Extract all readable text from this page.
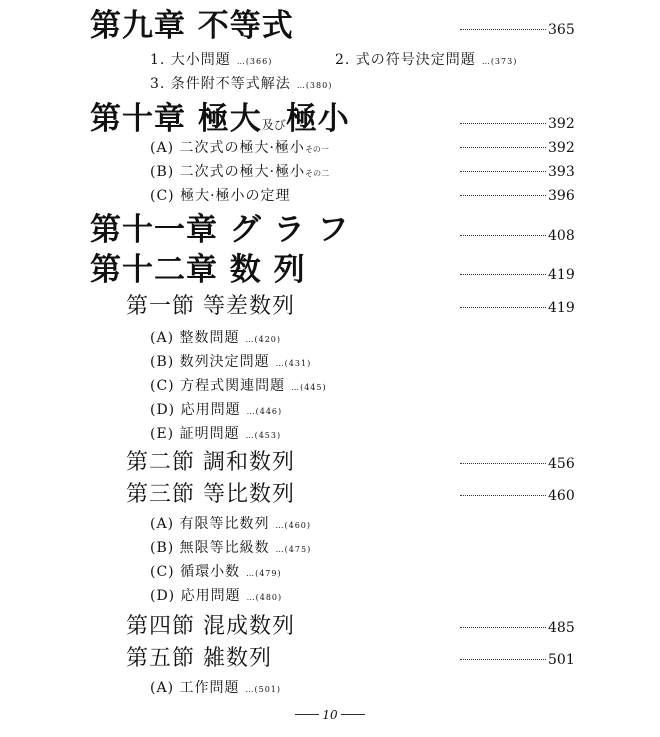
第九章 不等式	365
1. 大小問題 …(366)	2. 式の符号決定問題 …(373)
3. 条件附不等式解法 …(380)
第十章 極大及び極小	392
(A) 二次式の極大·極小その一	392
(B) 二次式の極大·極小その二	393
(C) 極大·極小の定理	396
第十一章 グ ラ フ	408
第十二章 数 列	419
第一節 等差数列	419
(A) 整数問題 …(420)
(B) 数列決定問題 …(431)
(C) 方程式関連問題 …(445)
(D) 応用問題 …(446)
(E) 証明問題 …(453)
第二節 調和数列	456
第三節 等比数列	460
(A) 有限等比数列 …(460)
(B) 無限等比級数 …(475)
(C) 循環小数 …(479)
(D) 応用問題 …(480)
第四節 混成数列	485
第五節 雑数列	501
(A) 工作問題 …(501)
10
